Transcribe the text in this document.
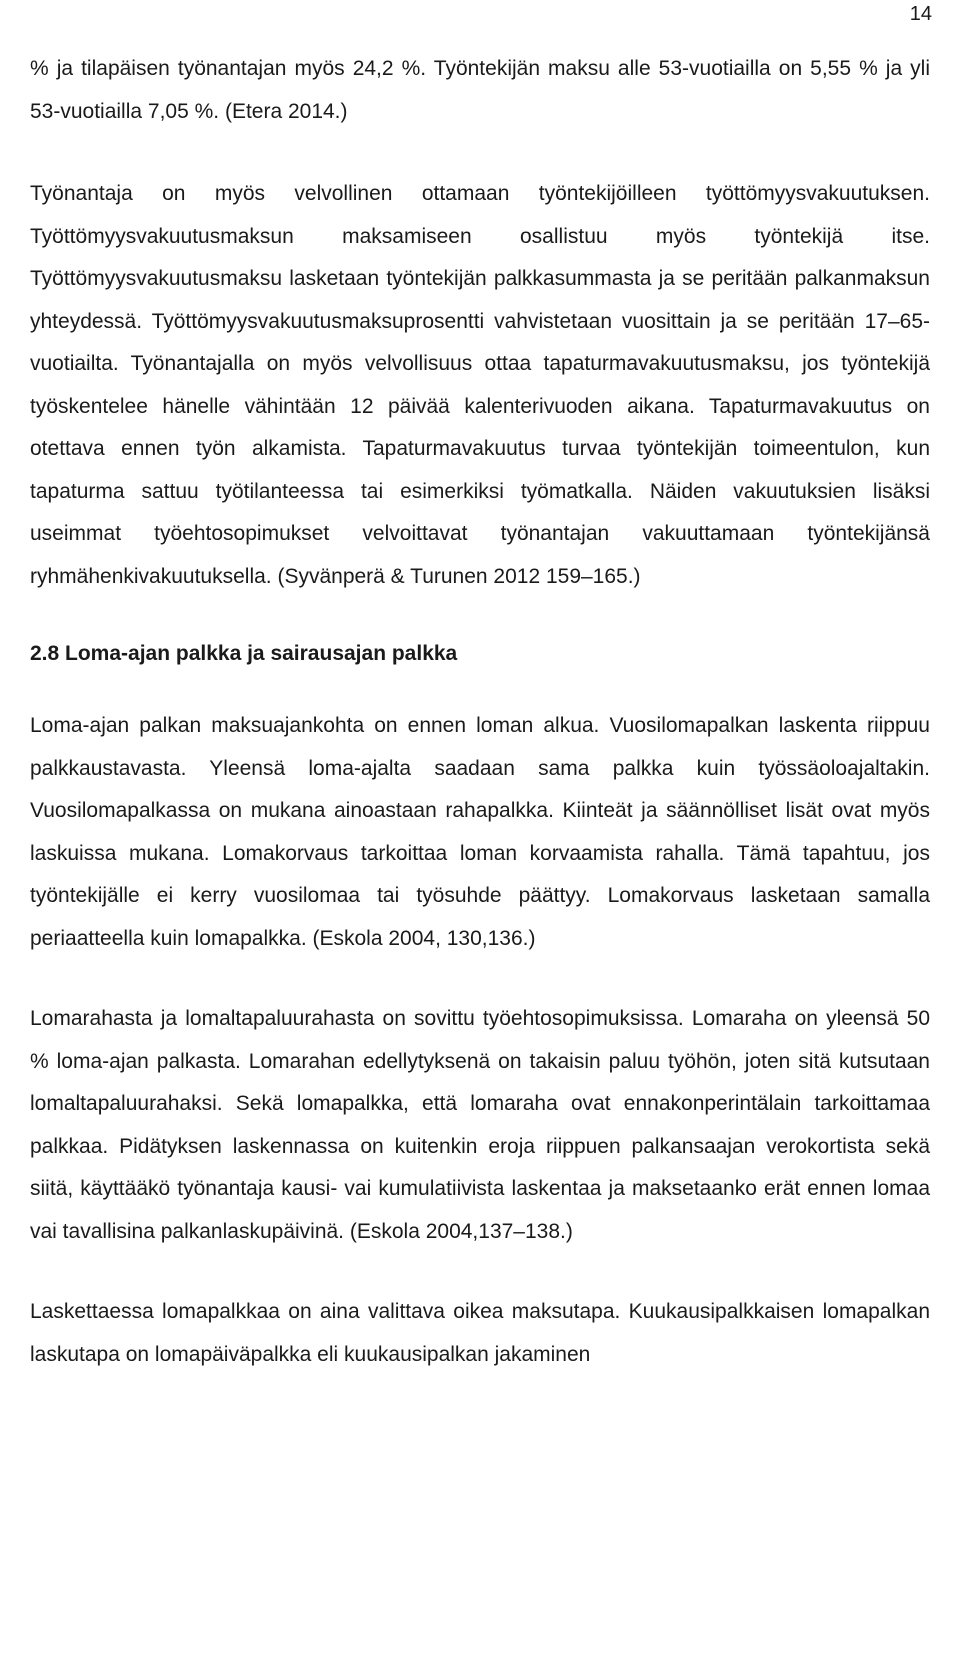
14

% ja tilapäisen työnantajan myös 24,2 %. Työntekijän maksu alle 53-vuotiailla on 5,55 % ja yli 53-vuotiailla 7,05 %. (Etera 2014.)

Työnantaja on myös velvollinen ottamaan työntekijöilleen työttömyysvakuutuksen. Työttömyysvakuutusmaksun maksamiseen osallistuu myös työntekijä itse. Työttömyysvakuutusmaksu lasketaan työntekijän palkkasummasta ja se peritään palkanmaksun yhteydessä. Työttömyysvakuutusmaksuprosentti vahvistetaan vuosittain ja se peritään 17–65-vuotiailta. Työnantajalla on myös velvollisuus ottaa tapaturmavakuutusmaksu, jos työntekijä työskentelee hänelle vähintään 12 päivää kalenterivuoden aikana. Tapaturmavakuutus on otettava ennen työn alkamista. Tapaturmavakuutus turvaa työntekijän toimeentulon, kun tapaturma sattuu työtilanteessa tai esimerkiksi työmatkalla. Näiden vakuutuksien lisäksi useimmat työehtosopimukset velvoittavat työnantajan vakuuttamaan työntekijänsä ryhmähenkivakuutuksella. (Syvänperä & Turunen 2012 159–165.)

2.8 Loma-ajan palkka ja sairausajan palkka

Loma-ajan palkan maksuajankohta on ennen loman alkua. Vuosilomapalkan laskenta riippuu palkkaustavasta. Yleensä loma-ajalta saadaan sama palkka kuin työssäoloajaltakin. Vuosilomapalkassa on mukana ainoastaan rahapalkka. Kiinteät ja säännölliset lisät ovat myös laskuissa mukana. Lomakorvaus tarkoittaa loman korvaamista rahalla. Tämä tapahtuu, jos työntekijälle ei kerry vuosilomaa tai työsuhde päättyy. Lomakorvaus lasketaan samalla periaatteella kuin lomapalkka. (Eskola 2004, 130,136.)

Lomarahasta ja lomaltapaluurahasta on sovittu työehtosopimuksissa. Lomaraha on yleensä 50 % loma-ajan palkasta. Lomarahan edellytyksenä on takaisin paluu työhön, joten sitä kutsutaan lomaltapaluurahaksi. Sekä lomapalkka, että lomaraha ovat ennakonperintälain tarkoittamaa palkkaa. Pidätyksen laskennassa on kuitenkin eroja riippuen palkansaajan verokortista sekä siitä, käyttääkö työnantaja kausi- vai kumulatiivista laskentaa ja maksetaanko erät ennen lomaa vai tavallisina palkanlaskupäivinä. (Eskola 2004,137–138.)

Laskettaessa lomapalkkaa on aina valittava oikea maksutapa. Kuukausipalkkaisen lomapalkan laskutapa on lomapäiväpalkka eli kuukausipalkan jakaminen
